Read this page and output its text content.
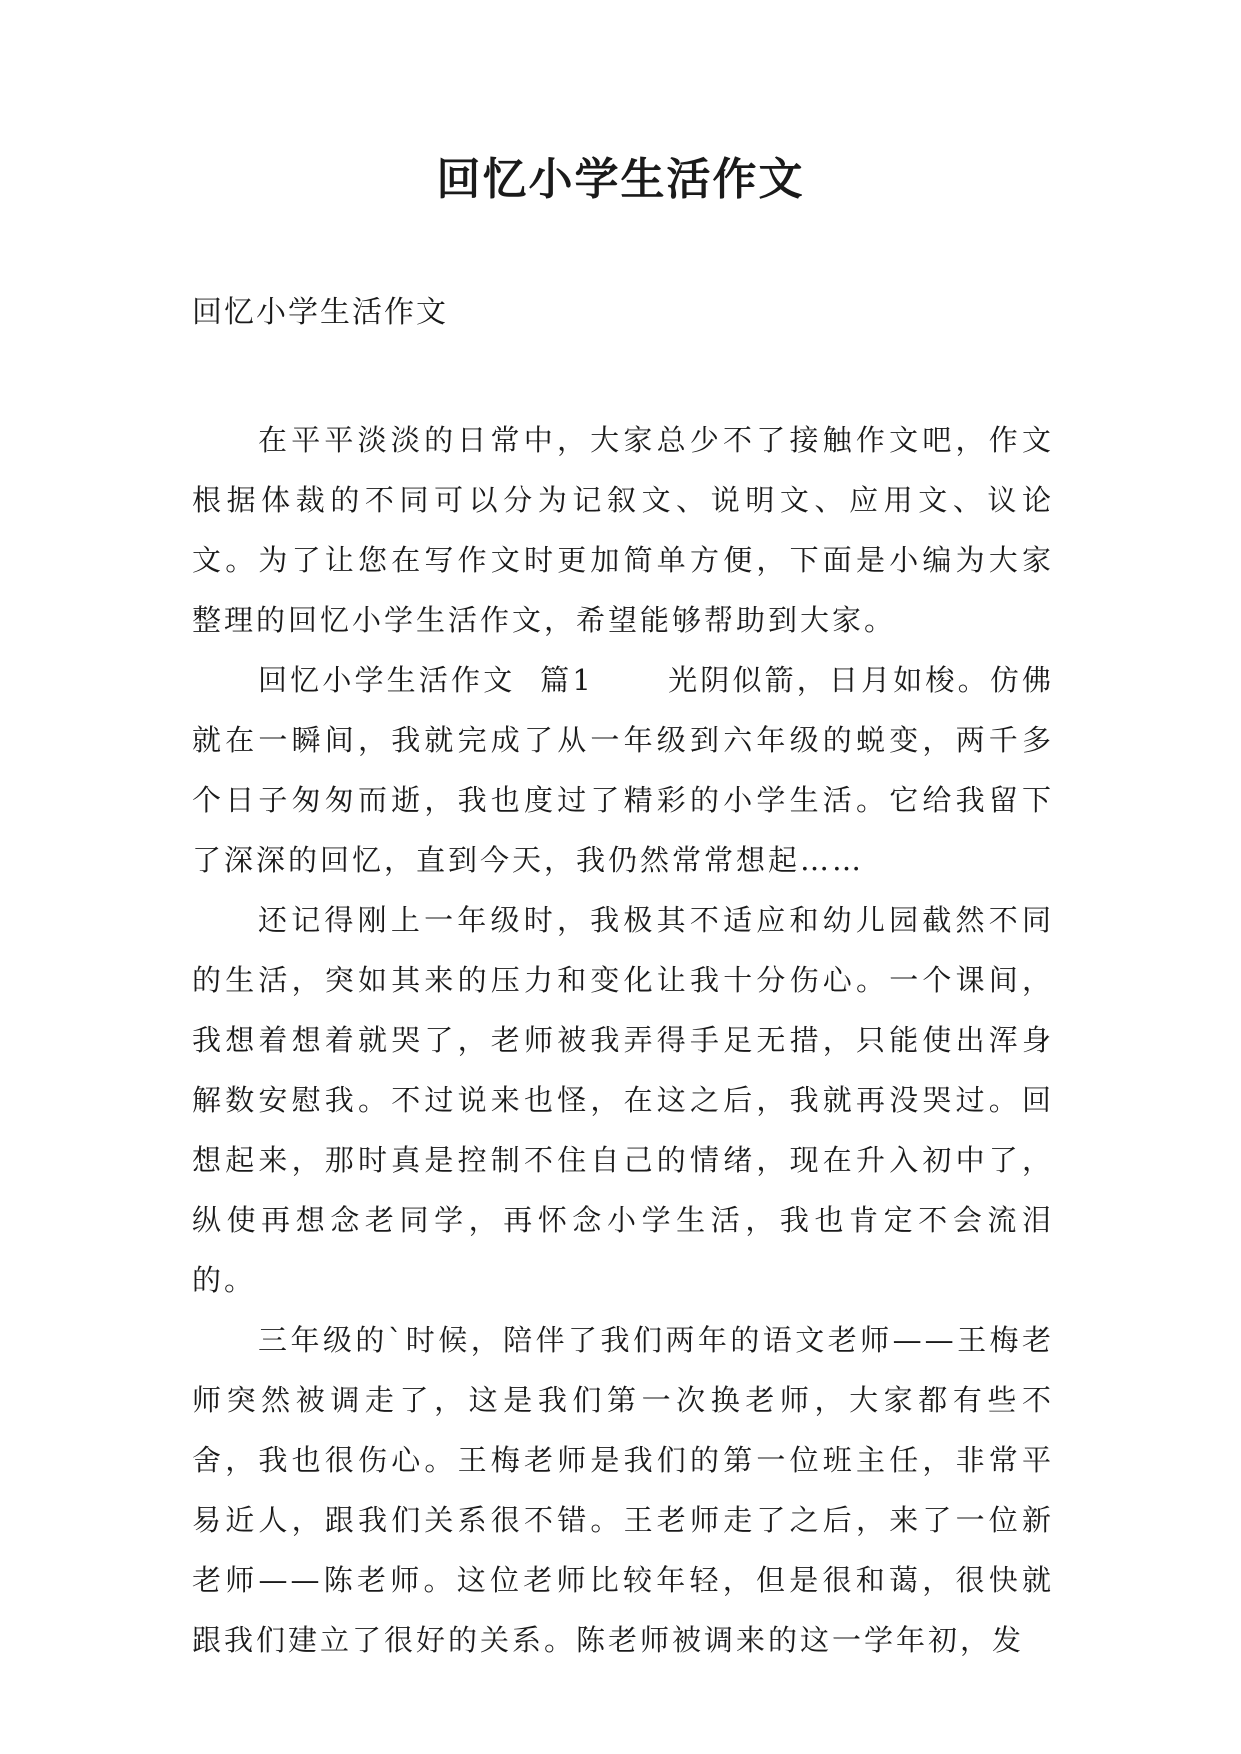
回忆小学生活作文

回忆小学生活作文

在平平淡淡的日常中，大家总少不了接触作文吧，作文根据体裁的不同可以分为记叙文、说明文、应用文、议论文。为了让您在写作文时更加简单方便，下面是小编为大家整理的回忆小学生活作文，希望能够帮助到大家。

回忆小学生活作文  篇1      光阴似箭，日月如梭。仿佛就在一瞬间，我就完成了从一年级到六年级的蜕变，两千多个日子匆匆而逝，我也度过了精彩的小学生活。它给我留下了深深的回忆，直到今天，我仍然常常想起……

还记得刚上一年级时，我极其不适应和幼儿园截然不同的生活，突如其来的压力和变化让我十分伤心。一个课间，我想着想着就哭了，老师被我弄得手足无措，只能使出浑身解数安慰我。不过说来也怪，在这之后，我就再没哭过。回想起来，那时真是控制不住自己的情绪，现在升入初中了，纵使再想念老同学，再怀念小学生活，我也肯定不会流泪的。

三年级的`时候，陪伴了我们两年的语文老师——王梅老师突然被调走了，这是我们第一次换老师，大家都有些不舍，我也很伤心。王梅老师是我们的第一位班主任，非常平易近人，跟我们关系很不错。王老师走了之后，来了一位新老师——陈老师。这位老师比较年轻，但是很和蔼，很快就跟我们建立了很好的关系。陈老师被调来的这一学年初，发
